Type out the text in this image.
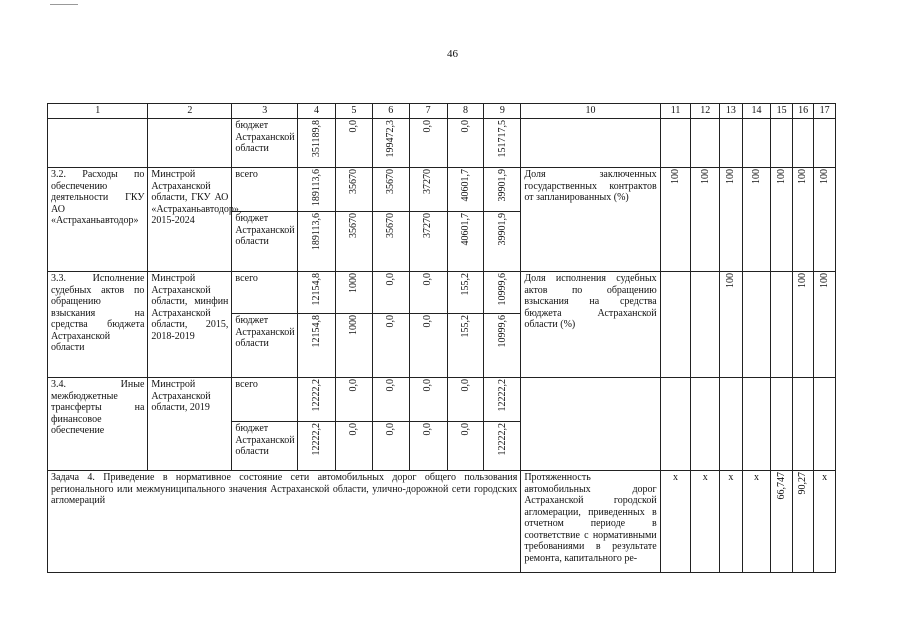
46
1	2	3	4	5	6	7	8	9	10	11	12	13	14	15	16	17
		бюджет Астраханской области	351189,8	0,0	199472,3	0,0	0,0	151717,5								

3.2. Расходы по обеспечению деятельности ГКУ АО «Астраханьавтодор»	Минстрой Астраханской области, ГКУ АО «Астраханьавтодор», 2015-2024	всего	189113,6	35670	35670	37270	40601,7	39901,9	Доля заключенных государственных контрактов от запланированных (%)	100	100	100	100	100	100	100

		бюджет Астраханской области	189113,6	35670	35670	37270	40601,7	39901,9								

3.3. Исполнение судебных актов по обращению взыскания на средства бюджета Астраханской области	Минстрой Астраханской области, минфин Астраханской области, 2015, 2018-2019	всего	12154,8	1000	0,0	0,0	155,2	10999,6	Доля исполнения судебных актов по обращению взыскания на средства бюджета Астраханской области (%)			100			100	100

		бюджет Астраханской области	12154,8	1000	0,0	0,0	155,2	10999,6								

3.4. Иные межбюджетные трансферты на финансовое обеспечение	Минстрой Астраханской области, 2019	всего	12222,2	0,0	0,0	0,0	0,0	12222,2								

		бюджет Астраханской области	12222,2	0,0	0,0	0,0	0,0	12222,2								

Задача 4. Приведение в нормативное состояние сети автомобильных дорог общего пользования регионального или межмуниципального значения Астраханской области, улично-дорожной сети городских агломераций									Протяженность автомобильных дорог Астраханской городской агломерации, приведенных в отчетном периоде в соответствие с нормативными требованиями в результате ремонта, капитального ре-	x	x	x	x	66,747	90,27	x
